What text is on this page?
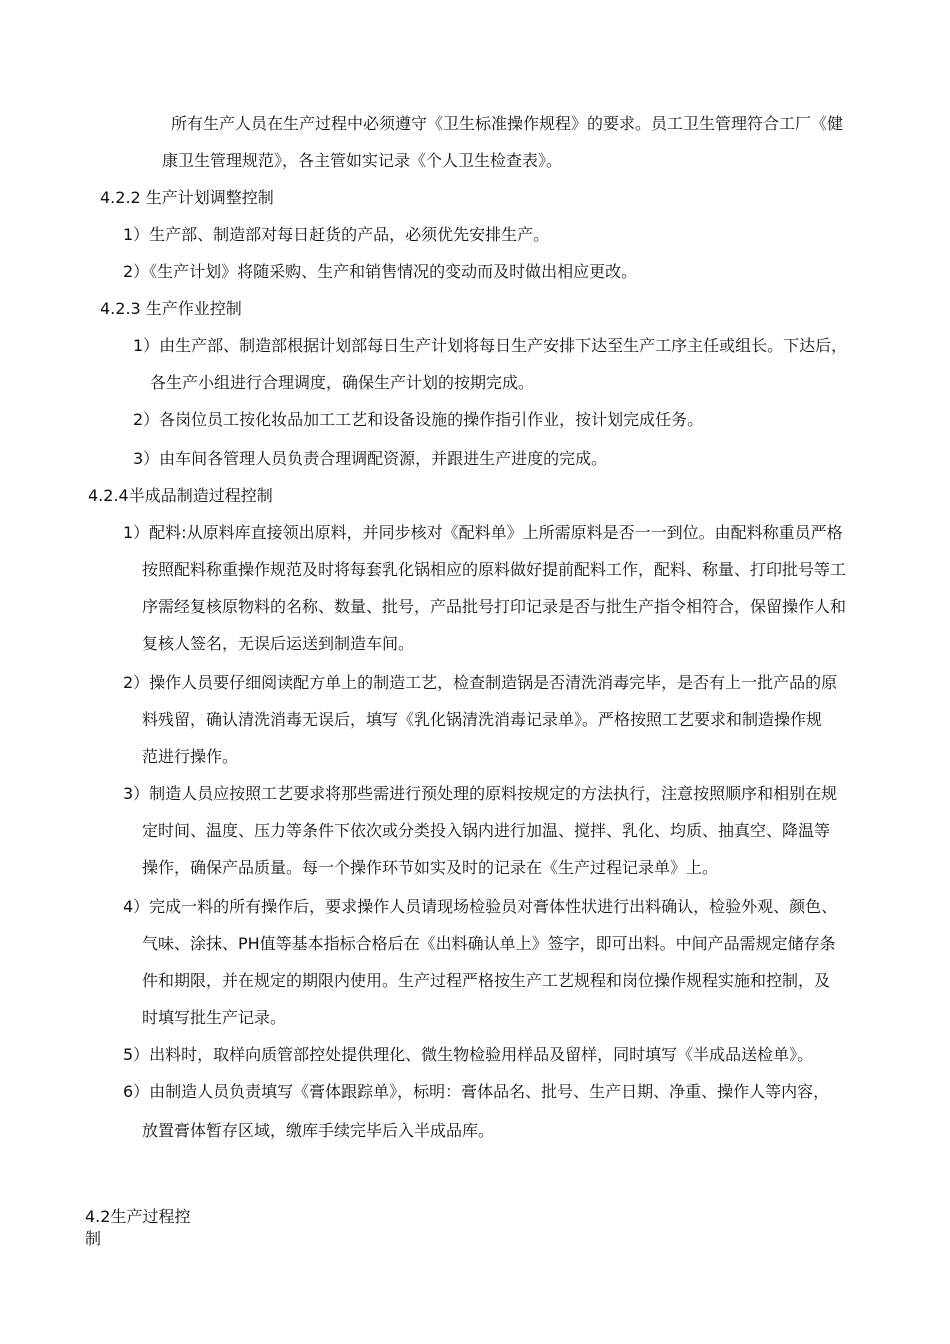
所有生产人员在生产过程中必须遵守《卫生标准操作规程》的要求。员工卫生管理符合工厂《健
康卫生管理规范》，各主管如实记录《个人卫生检查表》。
4.2.2 生产计划调整控制
1）生产部、制造部对每日赶货的产品，必须优先安排生产。
2）《生产计划》将随采购、生产和销售情况的变动而及时做出相应更改。
4.2.3 生产作业控制
1）由生产部、制造部根据计划部每日生产计划将每日生产安排下达至生产工序主任或组长。下达后，
各生产小组进行合理调度，确保生产计划的按期完成。
2）各岗位员工按化妆品加工工艺和设备设施的操作指引作业，按计划完成任务。
3）由车间各管理人员负责合理调配资源，并跟进生产进度的完成。
4.2.4半成品制造过程控制
1）配料:从原料库直接领出原料，并同步核对《配料单》上所需原料是否一一到位。由配料称重员严格
按照配料称重操作规范及时将每套乳化锅相应的原料做好提前配料工作，配料、称量、打印批号等工
序需经复核原物料的名称、数量、批号，产品批号打印记录是否与批生产指令相符合，保留操作人和
复核人签名，无误后运送到制造车间。
2）操作人员要仔细阅读配方单上的制造工艺，检查制造锅是否清洗消毒完毕，是否有上一批产品的原
料残留，确认清洗消毒无误后，填写《乳化锅清洗消毒记录单》。严格按照工艺要求和制造操作规
范进行操作。
3）制造人员应按照工艺要求将那些需进行预处理的原料按规定的方法执行，注意按照顺序和相别在规
定时间、温度、压力等条件下依次或分类投入锅内进行加温、搅拌、乳化、均质、抽真空、降温等
操作，确保产品质量。每一个操作环节如实及时的记录在《生产过程记录单》上。
4）完成一料的所有操作后，要求操作人员请现场检验员对膏体性状进行出料确认，检验外观、颜色、
气味、涂抹、PH值等基本指标合格后在《出料确认单上》签字，即可出料。中间产品需规定储存条
件和期限，并在规定的期限内使用。生产过程严格按生产工艺规程和岗位操作规程实施和控制，及
时填写批生产记录。
5）出料时，取样向质管部控处提供理化、微生物检验用样品及留样，同时填写《半成品送检单》。
6）由制造人员负责填写《膏体跟踪单》，标明：膏体品名、批号、生产日期、净重、操作人等内容，
放置膏体暂存区域，缴库手续完毕后入半成品库。
4.2生产过程控
制
